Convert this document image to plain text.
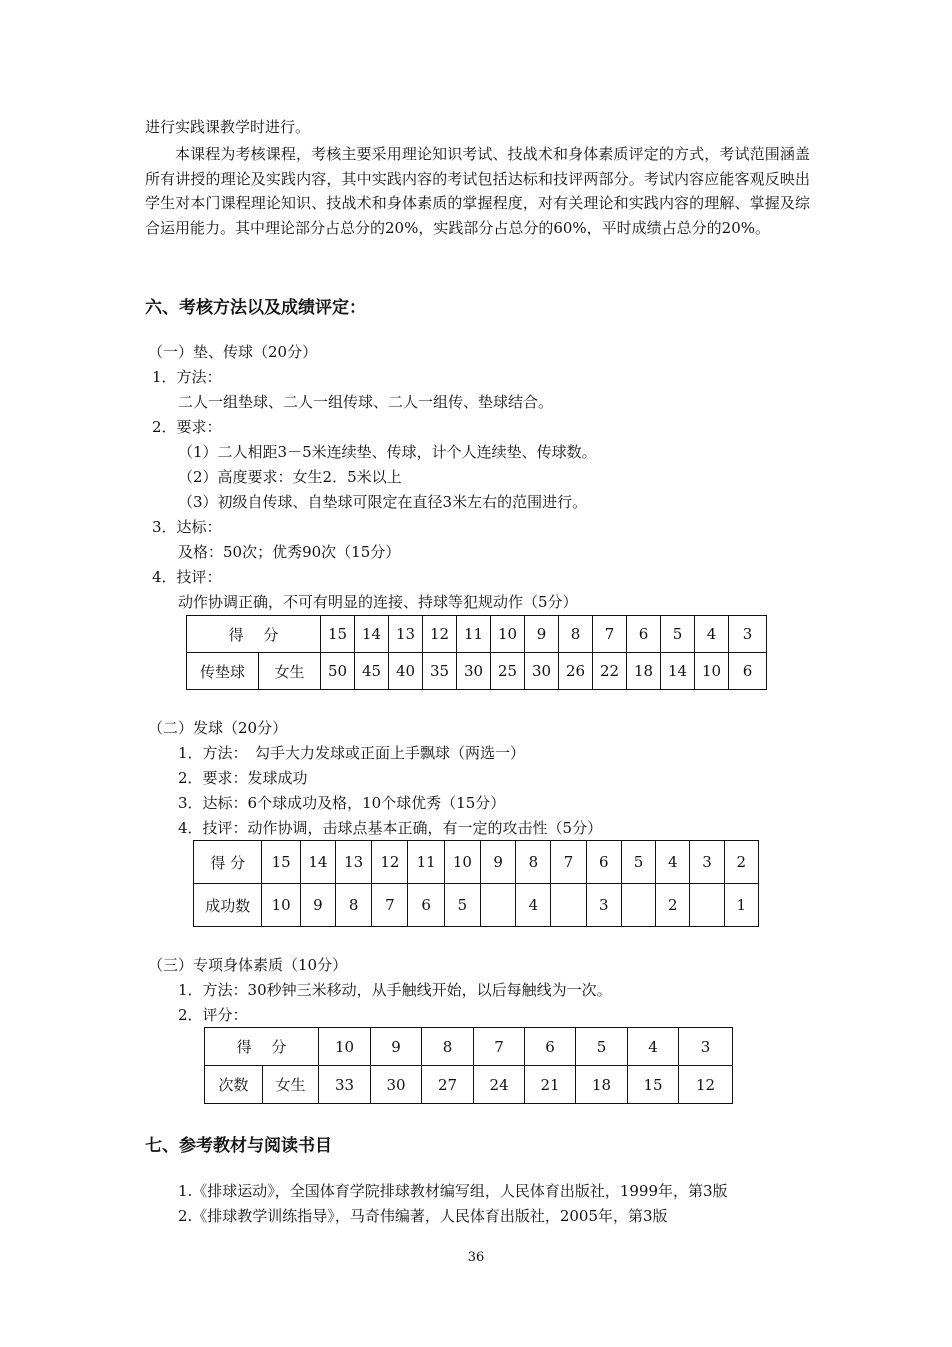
进行实践课教学时进行。
本课程为考核课程，考核主要采用理论知识考试、技战术和身体素质评定的方式，考试范围涵盖所有讲授的理论及实践内容，其中实践内容的考试包括达标和技评两部分。考试内容应能客观反映出学生对本门课程理论知识、技战术和身体素质的掌握程度，对有关理论和实践内容的理解、掌握及综合运用能力。其中理论部分占总分的20%，实践部分占总分的60%，平时成绩占总分的20%。
六、考核方法以及成绩评定：
（一）垫、传球（20分）
1．方法：
二人一组垫球、二人一组传球、二人一组传、垫球结合。
2．要求：
（1）二人相距3－5米连续垫、传球，计个人连续垫、传球数。
（2）高度要求：女生2．5米以上
（3）初级自传球、自垫球可限定在直径3米左右的范围进行。
3．达标：
及格：50次；优秀90次（15分）
4．技评：
动作协调正确，不可有明显的连接、持球等犯规动作（5分）
得　 分		15	14	13	12	11	10	9	8	7	6	5	4	3
传垫球	女生	50	45	40	35	30	25	30	26	22	18	14	10	6
（二）发球（20分）
1．方法：　勾手大力发球或正面上手飘球（两选一）
2．要求：发球成功
3．达标：6个球成功及格，10个球优秀（15分）
4．技评：动作协调，击球点基本正确，有一定的攻击性（5分）
得 分	15	14	13	12	11	10	9	8	7	6	5	4	3	2
成功数	10	9	8	7	6	5		4		3		2		1
（三）专项身体素质（10分）
1．方法：30秒钟三米移动，从手触线开始，以后每触线为一次。
2．评分：
得　 分		10	9	8	7	6	5	4	3
次数	女生	33	30	27	24	21	18	15	12
七、参考教材与阅读书目
1.《排球运动》，全国体育学院排球教材编写组，人民体育出版社，1999年，第3版
2.《排球教学训练指导》，马奇伟编著，人民体育出版社，2005年，第3版
36
